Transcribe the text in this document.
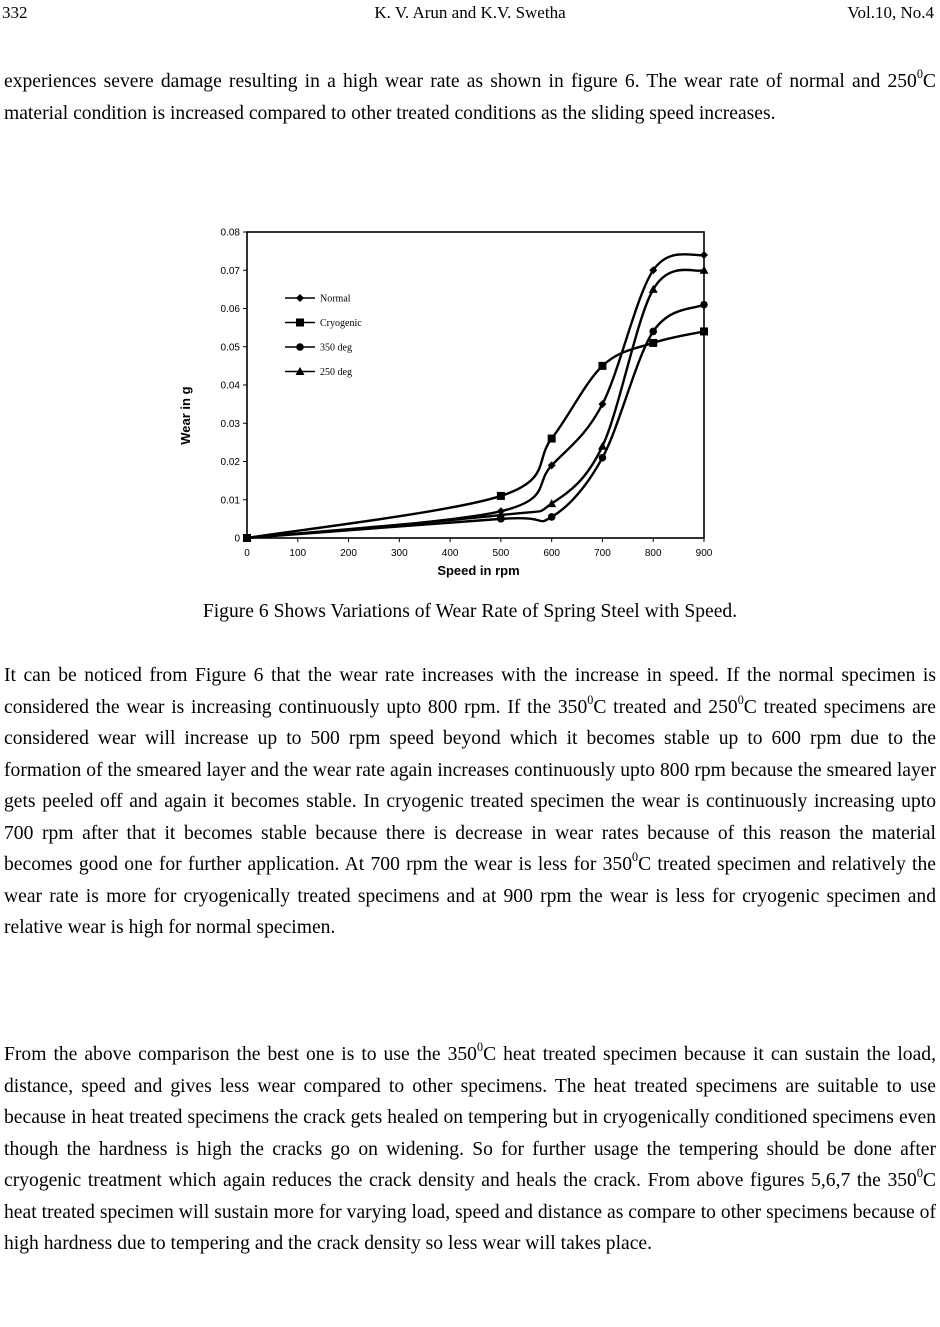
K. V. Arun and K.V. Swetha
332	Vol.10, No.4

experiences severe damage resulting in a high wear rate as shown in figure 6. The wear rate of normal and $250^0C$ material condition is increased compared to other treated conditions as the sliding speed increases.

0
0.01
0.02
0.03
0.04
0.05
0.06
0.07
0.08
0	100	200	300	400	500	600	700	800	900
Speed in rpm
Wear in g
Normal
Cryogenic
350 deg
250 deg
Figure 6 Shows Variations of Wear Rate of Spring Steel with Speed.

It can be noticed from Figure 6 that the wear rate increases with the increase in speed. If the normal specimen is considered the wear is increasing continuously upto 800 rpm. If the $350^0C$ treated and $250^0C$ treated specimens are considered wear will increase up to 500 rpm speed beyond which it becomes stable up to 600 rpm due to the formation of the smeared layer and the wear rate again increases continuously upto 800 rpm because the smeared layer gets peeled off and again it becomes stable. In cryogenic treated specimen the wear is continuously increasing upto 700 rpm after that it becomes stable because there is decrease in wear rates because of this reason the material becomes good one for further application. At 700 rpm the wear is less for $350^0C$ treated specimen and relatively the wear rate is more for cryogenically treated specimens and at 900 rpm the wear is less for cryogenic specimen and relative wear is high for normal specimen.

From the above comparison the best one is to use the $350^0C$ heat treated specimen because it can sustain the load, distance, speed and gives less wear compared to other specimens. The heat treated specimens are suitable to use because in heat treated specimens the crack gets healed on tempering but in cryogenically conditioned specimens even though the hardness is high the cracks go on widening. So for further usage the tempering should be done after cryogenic treatment which again reduces the crack density and heals the crack. From above figures 5,6,7 the $350^0C$ heat treated specimen will sustain more for varying load, speed and distance as compare to other specimens because of high hardness due to tempering and the crack density so less wear will takes place.
